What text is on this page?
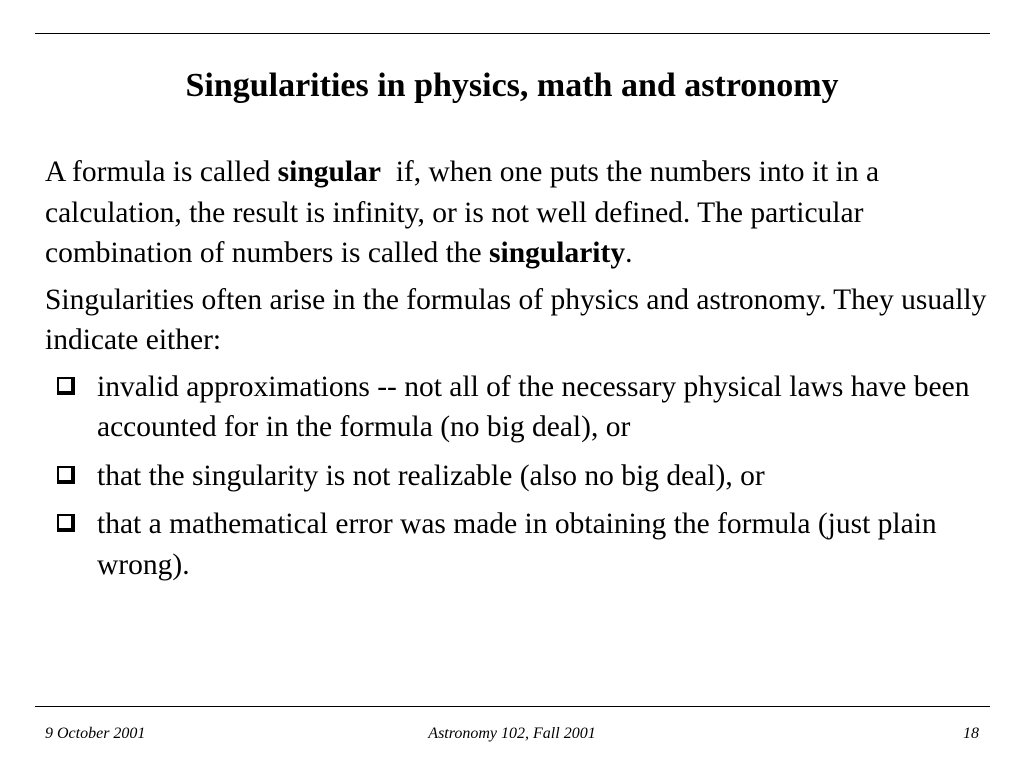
Singularities in physics, math and astronomy

A formula is called singular  if, when one puts the numbers into it in a calculation, the result is infinity, or is not well defined. The particular combination of numbers is called the singularity.

Singularities often arise in the formulas of physics and astronomy. They usually indicate either:

invalid approximations -- not all of the necessary physical laws have been accounted for in the formula (no big deal), or
that the singularity is not realizable (also no big deal), or
that a mathematical error was made in obtaining the formula (just plain wrong).
9 October 2001	Astronomy 102, Fall 2001	18
